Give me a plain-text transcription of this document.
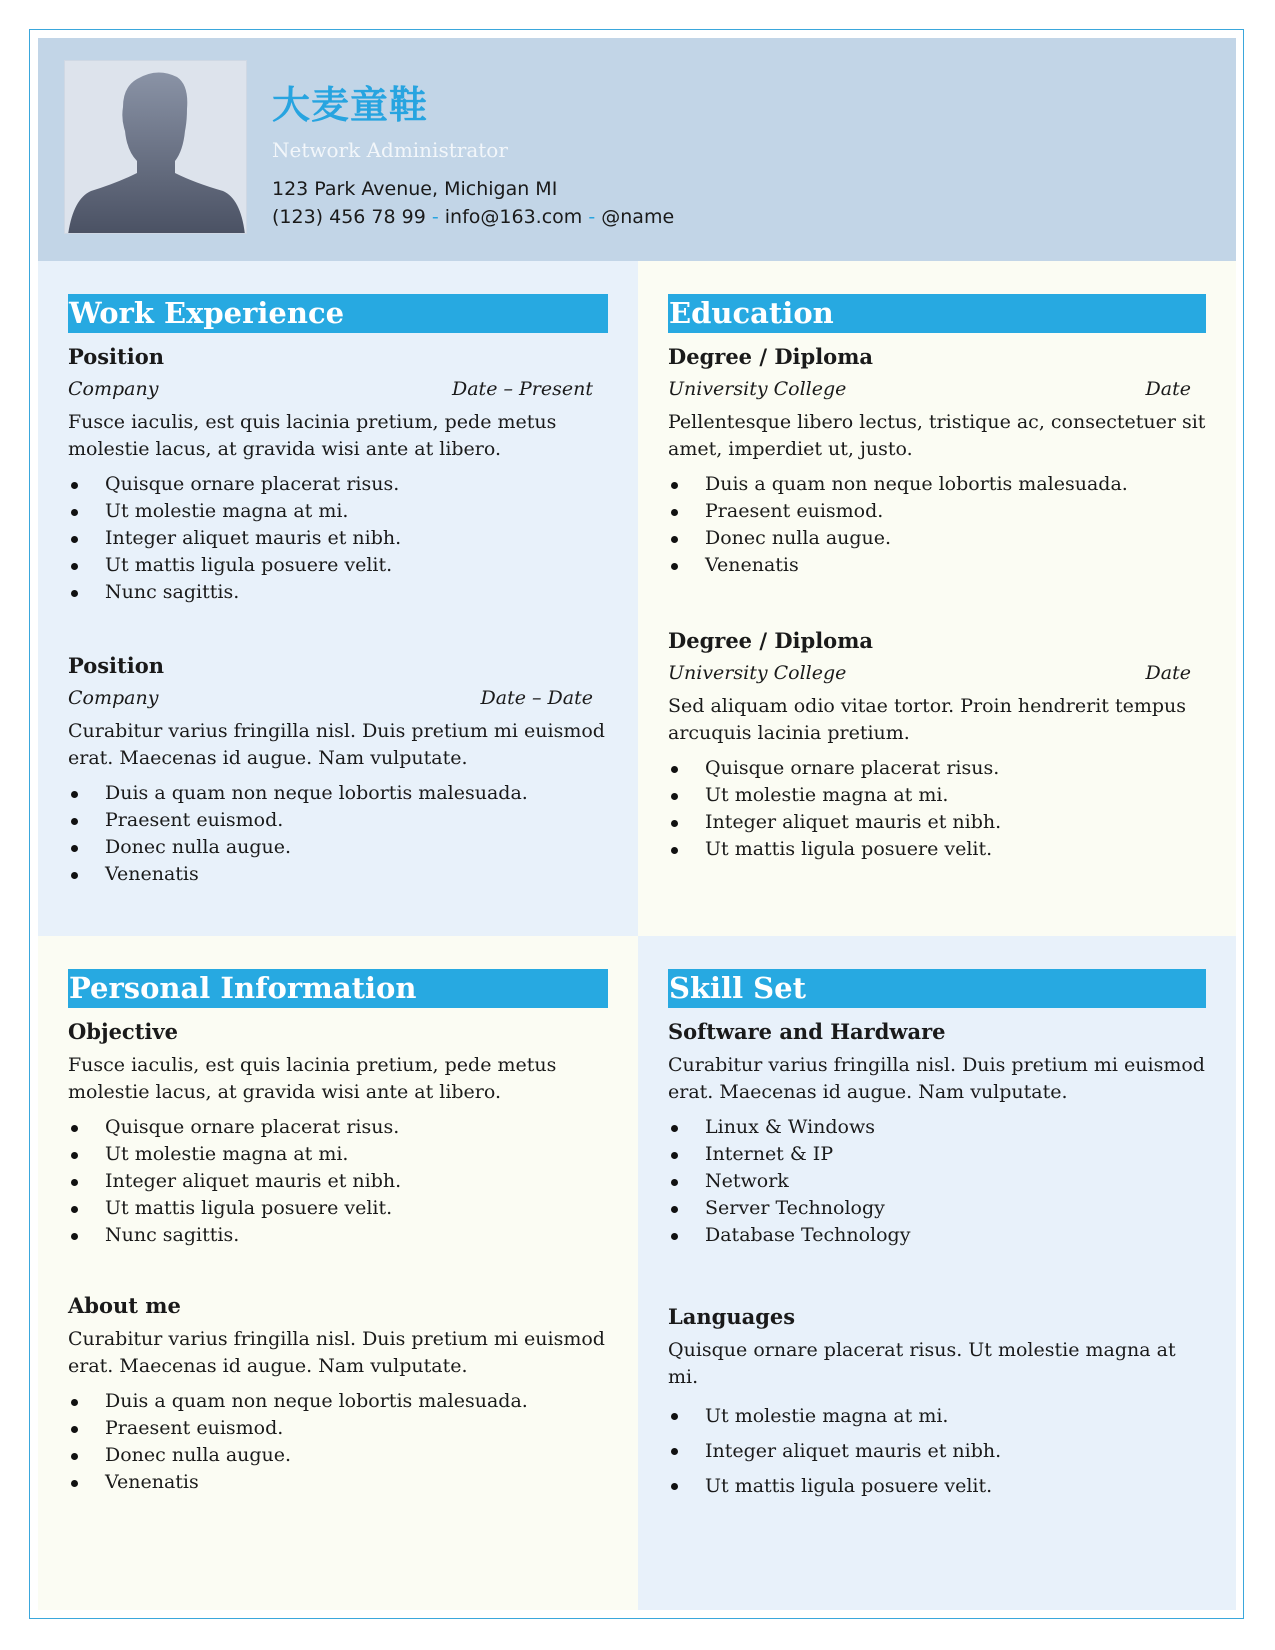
大麦童鞋
Network Administrator
123 Park Avenue, Michigan MI
(123) 456 78 99 - info@163.com - @name
Work Experience
Position
Company	Date – Present
Fusce iaculis, est quis lacinia pretium, pede metus molestie lacus, at gravida wisi ante at libero.
Quisque ornare placerat risus.
Ut molestie magna at mi.
Integer aliquet mauris et nibh.
Ut mattis ligula posuere velit.
Nunc sagittis.
Position
Company	Date – Date
Curabitur varius fringilla nisl. Duis pretium mi euismod erat. Maecenas id augue. Nam vulputate.
Duis a quam non neque lobortis malesuada.
Praesent euismod.
Donec nulla augue.
Venenatis
Education
Degree / Diploma
University College	Date
Pellentesque libero lectus, tristique ac, consectetuer sit amet, imperdiet ut, justo.
Duis a quam non neque lobortis malesuada.
Praesent euismod.
Donec nulla augue.
Venenatis
Degree / Diploma
University College	Date
Sed aliquam odio vitae tortor. Proin hendrerit tempus arcuquis lacinia pretium.
Quisque ornare placerat risus.
Ut molestie magna at mi.
Integer aliquet mauris et nibh.
Ut mattis ligula posuere velit.
Personal Information
Objective
Fusce iaculis, est quis lacinia pretium, pede metus molestie lacus, at gravida wisi ante at libero.
Quisque ornare placerat risus.
Ut molestie magna at mi.
Integer aliquet mauris et nibh.
Ut mattis ligula posuere velit.
Nunc sagittis.
About me
Curabitur varius fringilla nisl. Duis pretium mi euismod erat. Maecenas id augue. Nam vulputate.
Duis a quam non neque lobortis malesuada.
Praesent euismod.
Donec nulla augue.
Venenatis
Skill Set
Software and Hardware
Curabitur varius fringilla nisl. Duis pretium mi euismod erat. Maecenas id augue. Nam vulputate.
Linux & Windows
Internet & IP
Network
Server Technology
Database Technology
Languages
Quisque ornare placerat risus. Ut molestie magna at mi.
Ut molestie magna at mi.
Integer aliquet mauris et nibh.
Ut mattis ligula posuere velit.
